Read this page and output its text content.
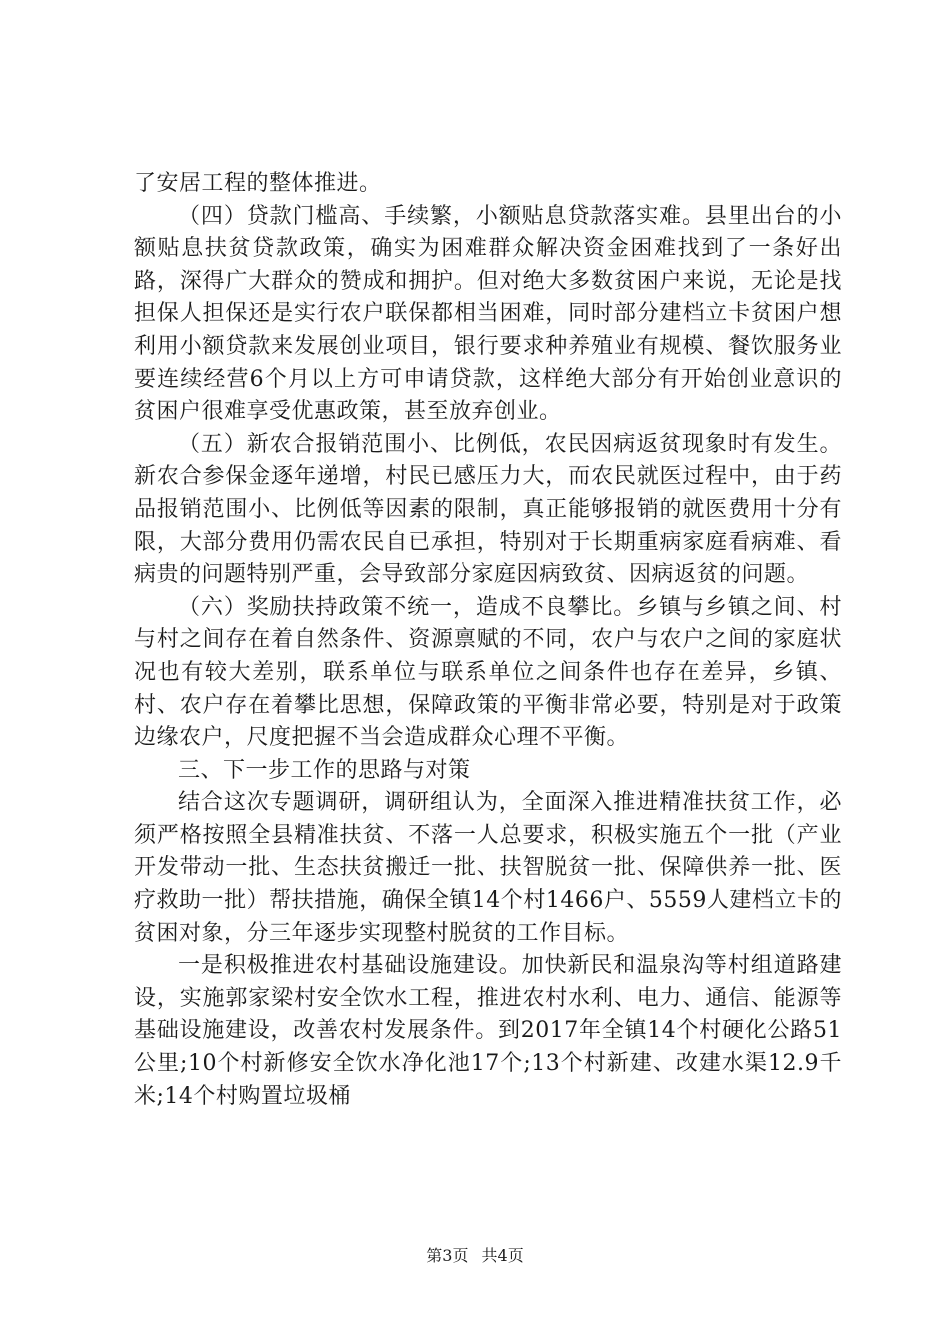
了安居工程的整体推进。

（四）贷款门槛高、手续繁，小额贴息贷款落实难。县里出台的小额贴息扶贫贷款政策，确实为困难群众解决资金困难找到了一条好出路，深得广大群众的赞成和拥护。但对绝大多数贫困户来说，无论是找担保人担保还是实行农户联保都相当困难，同时部分建档立卡贫困户想利用小额贷款来发展创业项目，银行要求种养殖业有规模、餐饮服务业要连续经营6个月以上方可申请贷款，这样绝大部分有开始创业意识的贫困户很难享受优惠政策，甚至放弃创业。

（五）新农合报销范围小、比例低，农民因病返贫现象时有发生。新农合参保金逐年递增，村民已感压力大，而农民就医过程中，由于药品报销范围小、比例低等因素的限制，真正能够报销的就医费用十分有限，大部分费用仍需农民自已承担，特别对于长期重病家庭看病难、看病贵的问题特别严重，会导致部分家庭因病致贫、因病返贫的问题。

（六）奖励扶持政策不统一，造成不良攀比。乡镇与乡镇之间、村与村之间存在着自然条件、资源禀赋的不同，农户与农户之间的家庭状况也有较大差别，联系单位与联系单位之间条件也存在差异，乡镇、村、农户存在着攀比思想，保障政策的平衡非常必要，特别是对于政策边缘农户，尺度把握不当会造成群众心理不平衡。

三、下一步工作的思路与对策

结合这次专题调研，调研组认为，全面深入推进精准扶贫工作，必须严格按照全县精准扶贫、不落一人总要求，积极实施五个一批（产业开发带动一批、生态扶贫搬迁一批、扶智脱贫一批、保障供养一批、医疗救助一批）帮扶措施，确保全镇14个村1466户、5559人建档立卡的贫困对象，分三年逐步实现整村脱贫的工作目标。

一是积极推进农村基础设施建设。加快新民和温泉沟等村组道路建设，实施郭家梁村安全饮水工程，推进农村水利、电力、通信、能源等基础设施建设，改善农村发展条件。到2017年全镇14个村硬化公路51公里;10个村新修安全饮水净化池17个;13个村新建、改建水渠12.9千米;14个村购置垃圾桶

第3页 共4页
